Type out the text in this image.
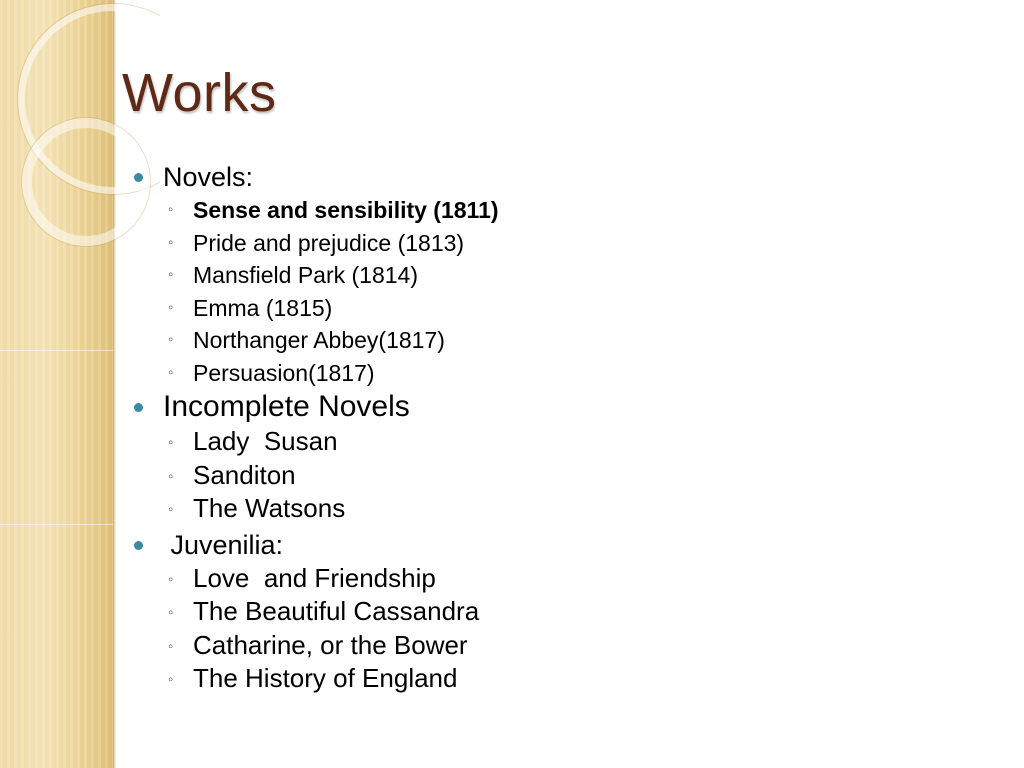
Works
Novels:
◦ Sense and sensibility (1811)
◦ Pride and prejudice (1813)
◦ Mansfield Park (1814)
◦ Emma (1815)
◦ Northanger Abbey(1817)
◦ Persuasion(1817)
Incomplete Novels
◦ Lady  Susan
◦ Sanditon
◦ The Watsons
Juvenilia:
◦ Love  and Friendship
◦ The Beautiful Cassandra
◦ Catharine, or the Bower
◦ The History of England
